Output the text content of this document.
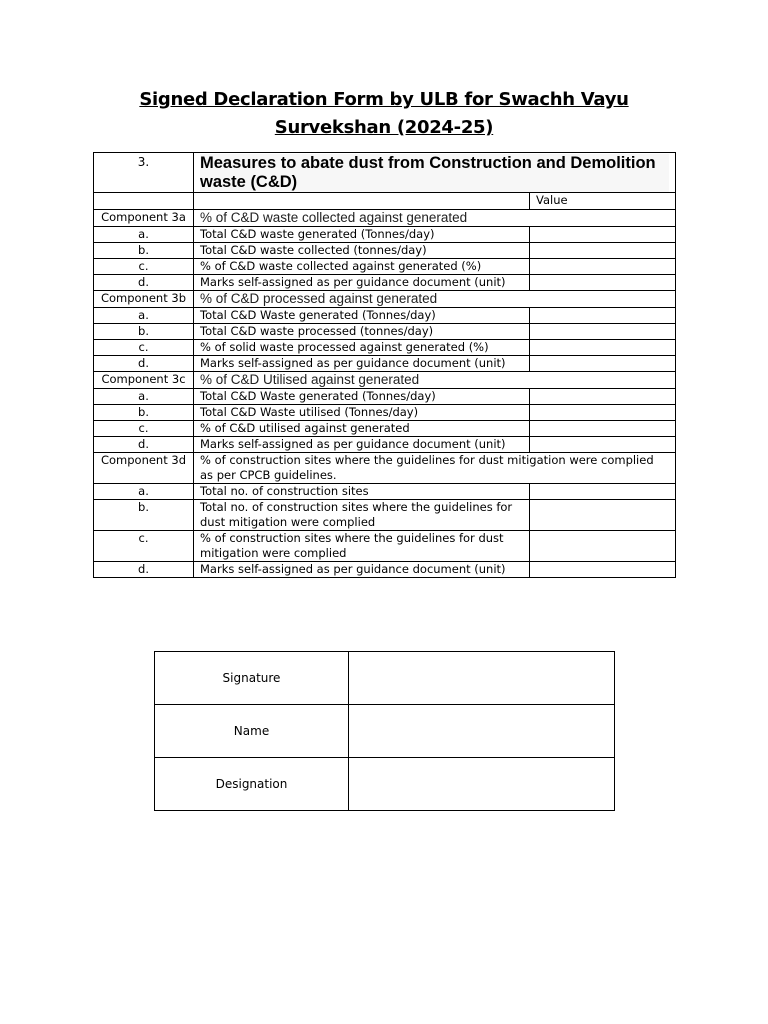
Signed Declaration Form by ULB for Swachh Vayu Survekshan (2024-25)
3.	Measures to abate dust from Construction and Demolition waste (C&D)	

		Value
Component 3a	% of C&D waste collected against generated	
a.	Total C&D waste generated (Tonnes/day)	
b.	Total C&D waste collected (tonnes/day)	
c.	% of C&D waste collected against generated (%)	
d.	Marks self-assigned as per guidance document (unit)	
Component 3b	% of C&D processed against generated	
a.	Total C&D Waste generated (Tonnes/day)	
b.	Total C&D waste processed (tonnes/day)	
c.	% of solid waste processed against generated (%)	
d.	Marks self-assigned as per guidance document (unit)	
Component 3c	% of C&D Utilised against generated	
a.	Total C&D Waste generated (Tonnes/day)	
b.	Total C&D Waste utilised (Tonnes/day)	
c.	% of C&D utilised against generated	
d.	Marks self-assigned as per guidance document (unit)	
Component 3d	% of construction sites where the guidelines for dust mitigation were complied as per CPCB guidelines.	
a.	Total no. of construction sites	
b.	Total no. of construction sites where the guidelines for dust mitigation were complied	
c.	% of construction sites where the guidelines for dust mitigation were complied	
d.	Marks self-assigned as per guidance document (unit)	
Signature	
Name	
Designation	
